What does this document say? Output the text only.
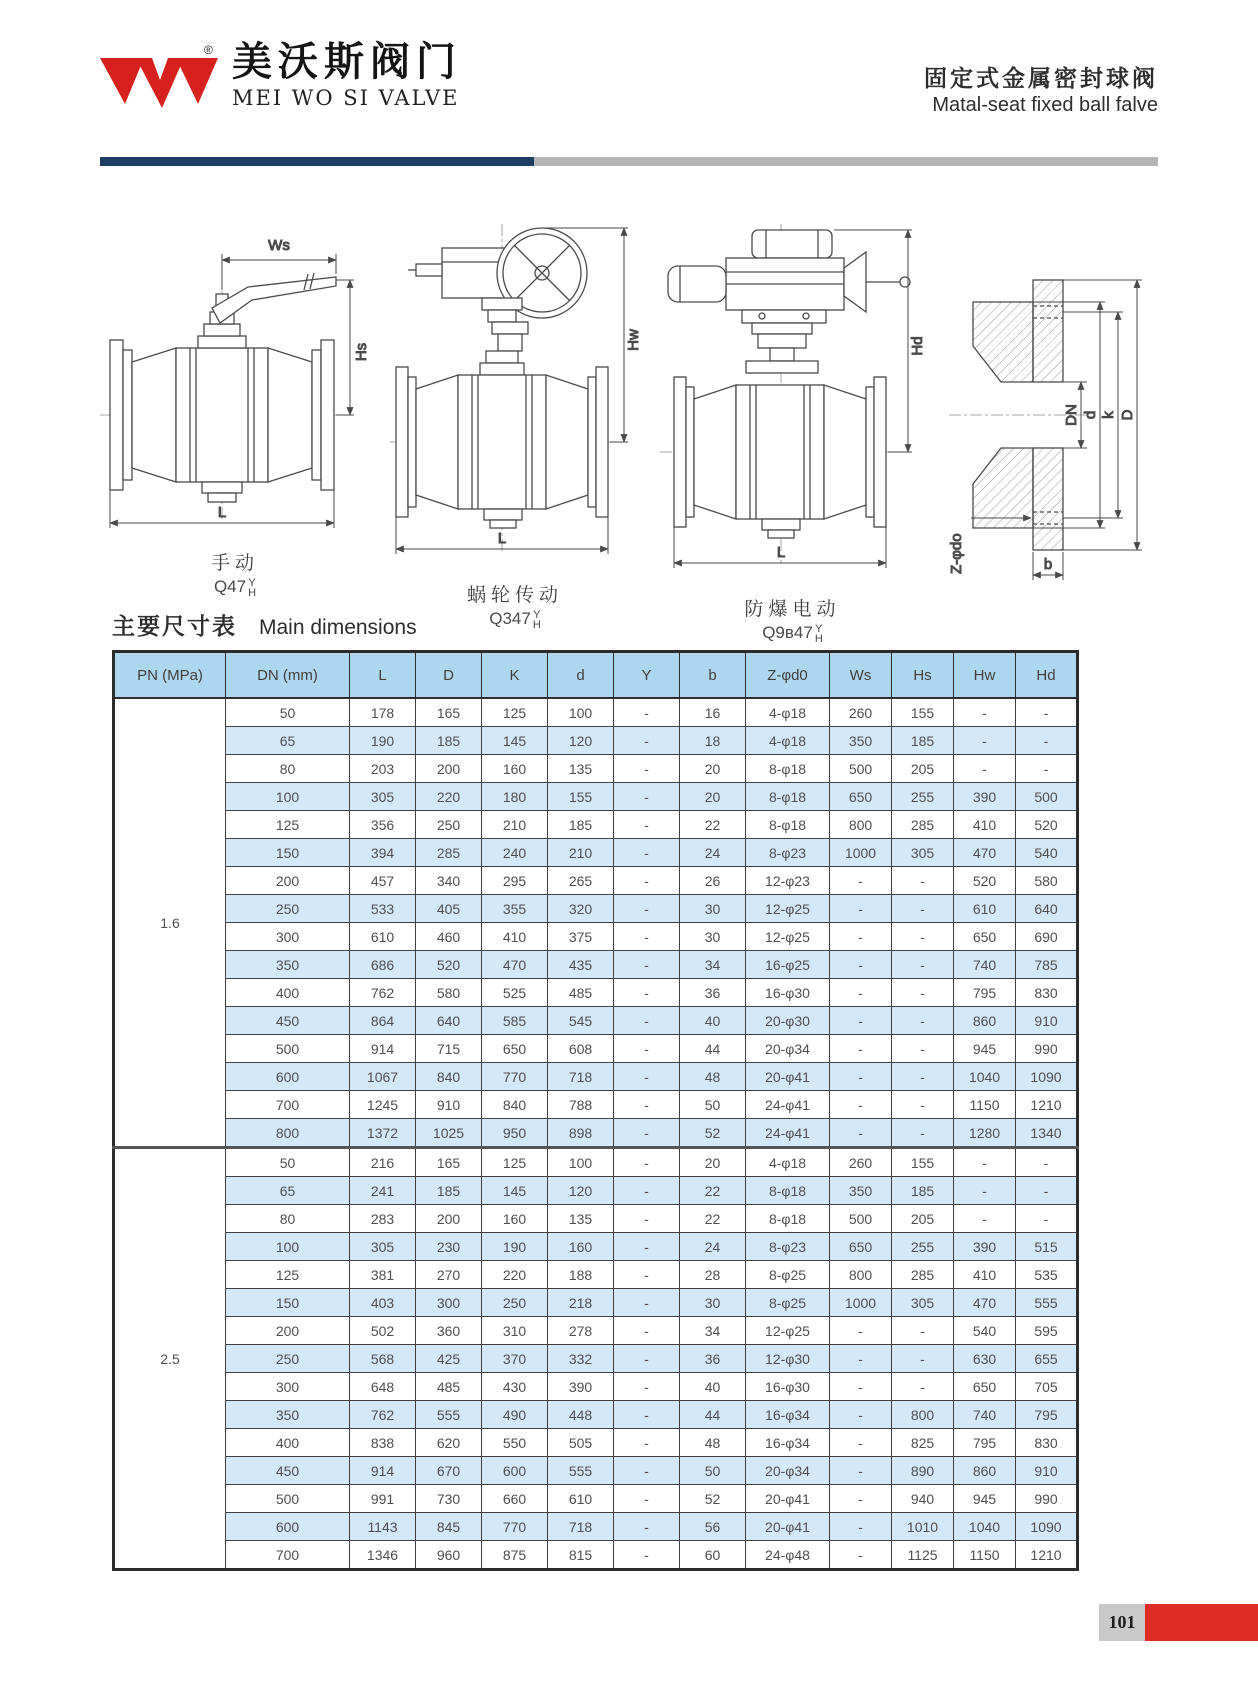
® 美沃斯阀门
MEI WO SI VALVE
固定式金属密封球阀
Matal-seat fixed ball falve
Ws
Hs
L
手动
Q47 Y
H
Hw
L
蜗轮传动
Q347 Y
H
Hd
L
防爆电动
Q9в47 Y
H
DN d k D
Z-φdo	b
主要尺寸表 Main dimensions
PN (MPa)	DN (mm)	L	D	K	d	Y	b	Z-φd0	Ws	Hs	Hw	Hd
1.6	50	178	165	125	100	-	16	4-φ18	260	155	-	-
	65	190	185	145	120	-	18	4-φ18	350	185	-	-
	80	203	200	160	135	-	20	8-φ18	500	205	-	-
	100	305	220	180	155	-	20	8-φ18	650	255	390	500
	125	356	250	210	185	-	22	8-φ18	800	285	410	520
	150	394	285	240	210	-	24	8-φ23	1000	305	470	540
	200	457	340	295	265	-	26	12-φ23	-	-	520	580
	250	533	405	355	320	-	30	12-φ25	-	-	610	640
	300	610	460	410	375	-	30	12-φ25	-	-	650	690
	350	686	520	470	435	-	34	16-φ25	-	-	740	785
	400	762	580	525	485	-	36	16-φ30	-	-	795	830
	450	864	640	585	545	-	40	20-φ30	-	-	860	910
	500	914	715	650	608	-	44	20-φ34	-	-	945	990
	600	1067	840	770	718	-	48	20-φ41	-	-	1040	1090
	700	1245	910	840	788	-	50	24-φ41	-	-	1150	1210
	800	1372	1025	950	898	-	52	24-φ41	-	-	1280	1340
2.5	50	216	165	125	100	-	20	4-φ18	260	155	-	-
	65	241	185	145	120	-	22	8-φ18	350	185	-	-
	80	283	200	160	135	-	22	8-φ18	500	205	-	-
	100	305	230	190	160	-	24	8-φ23	650	255	390	515
	125	381	270	220	188	-	28	8-φ25	800	285	410	535
	150	403	300	250	218	-	30	8-φ25	1000	305	470	555
	200	502	360	310	278	-	34	12-φ25	-	-	540	595
	250	568	425	370	332	-	36	12-φ30	-	-	630	655
	300	648	485	430	390	-	40	16-φ30	-	-	650	705
	350	762	555	490	448	-	44	16-φ34	-	800	740	795
	400	838	620	550	505	-	48	16-φ34	-	825	795	830
	450	914	670	600	555	-	50	20-φ34	-	890	860	910
	500	991	730	660	610	-	52	20-φ41	-	940	945	990
	600	1143	845	770	718	-	56	20-φ41	-	1010	1040	1090
	700	1346	960	875	815	-	60	24-φ48	-	1125	1150	1210
101
